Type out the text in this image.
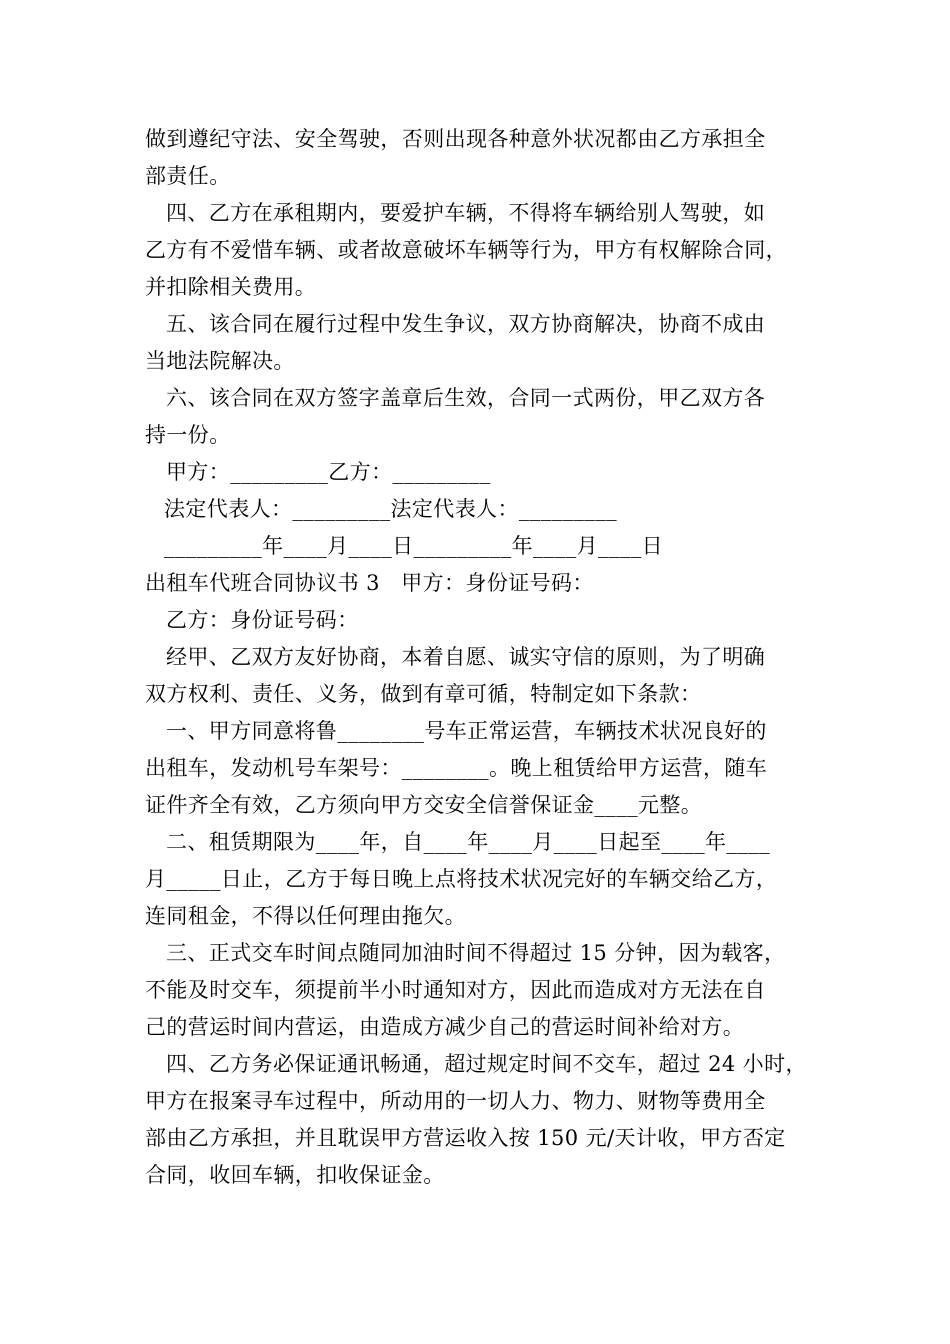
做到遵纪守法、安全驾驶，否则出现各种意外状况都由乙方承担全
部责任。
四、乙方在承租期内，要爱护车辆，不得将车辆给别人驾驶，如
乙方有不爱惜车辆、或者故意破坏车辆等行为，甲方有权解除合同，
并扣除相关费用。
五、该合同在履行过程中发生争议，双方协商解决，协商不成由
当地法院解决。
六、该合同在双方签字盖章后生效，合同一式两份，甲乙双方各
持一份。
甲方：_________乙方：_________
法定代表人：_________法定代表人：_________
_________年____月____日_________年____月____日
出租车代班合同协议书 3　甲方：身份证号码：
乙方：身份证号码：
经甲、乙双方友好协商，本着自愿、诚实守信的原则，为了明确
双方权利、责任、义务，做到有章可循，特制定如下条款：
一、甲方同意将鲁________号车正常运营，车辆技术状况良好的
出租车，发动机号车架号：________。晚上租赁给甲方运营，随车
证件齐全有效，乙方须向甲方交安全信誉保证金____元整。
二、租赁期限为____年，自____年____月____日起至____年____
月_____日止，乙方于每日晚上点将技术状况完好的车辆交给乙方，
连同租金，不得以任何理由拖欠。
三、正式交车时间点随同加油时间不得超过 15 分钟，因为载客，
不能及时交车，须提前半小时通知对方，因此而造成对方无法在自
己的营运时间内营运，由造成方减少自己的营运时间补给对方。
四、乙方务必保证通讯畅通，超过规定时间不交车，超过 24 小时，
甲方在报案寻车过程中，所动用的一切人力、物力、财物等费用全
部由乙方承担，并且耽误甲方营运收入按 150 元/天计收，甲方否定
合同，收回车辆，扣收保证金。
